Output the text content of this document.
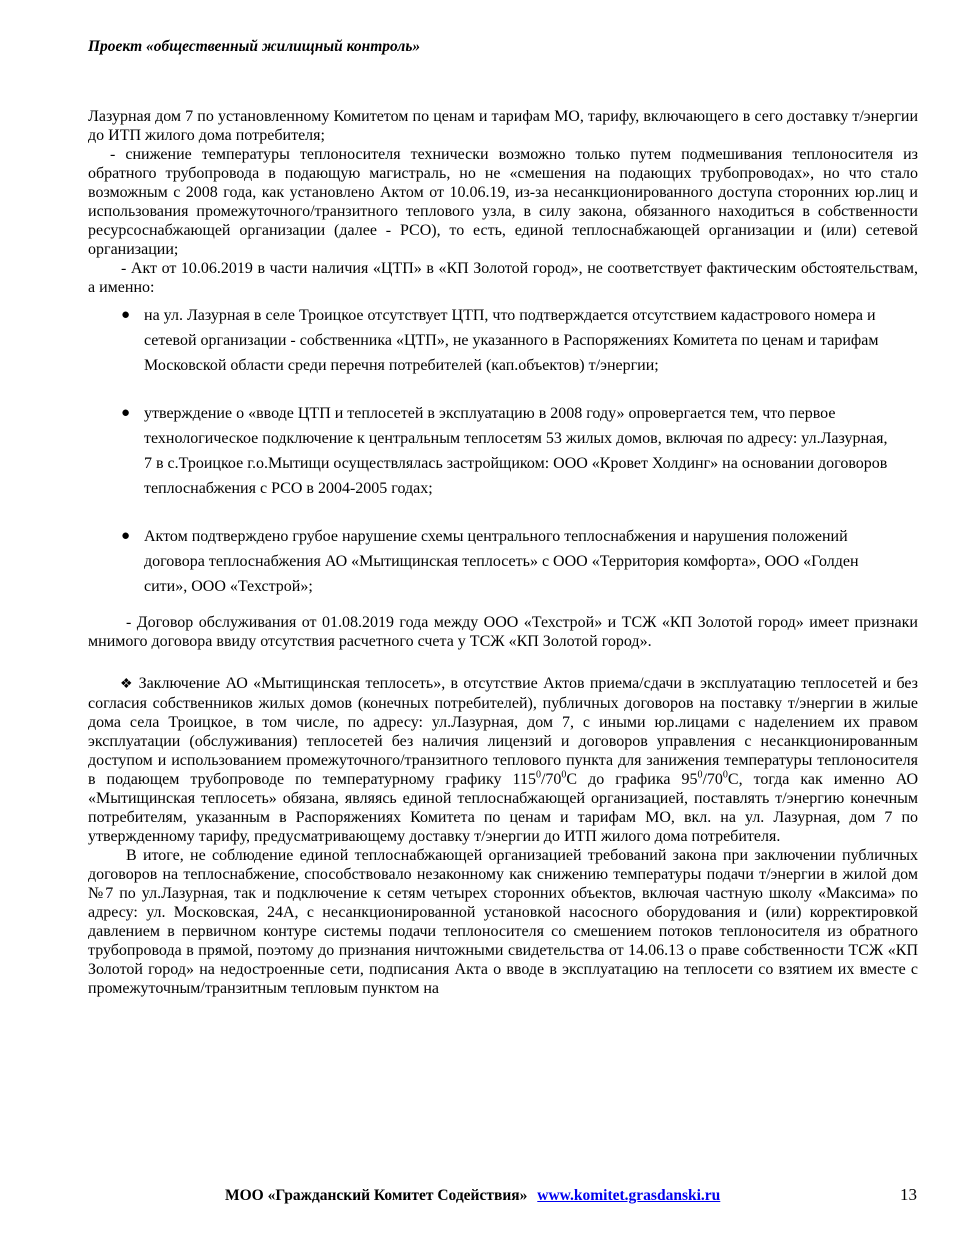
Проект «общественный жилищный контроль»

Лазурная дом 7 по установленному Комитетом по ценам и тарифам МО, тарифу, включающего в сего доставку т/энергии до ИТП жилого дома потребителя;

- снижение температуры теплоносителя технически возможно только путем подмешивания теплоносителя из обратного трубопровода в подающую магистраль, но не «смешения на подающих трубопроводах», но что стало возможным с 2008 года, как установлено Актом от 10.06.19, из-за несанкционированного доступа сторонних юр.лиц и использования промежуточного/транзитного теплового узла, в силу закона, обязанного находиться в собственности ресурсоснабжающей организации (далее - РСО), то есть, единой теплоснабжающей организации и (или) сетевой организации;

- Акт от 10.06.2019 в части наличия «ЦТП» в «КП Золотой город», не соответствует фактическим обстоятельствам, а именно:

● на ул. Лазурная в селе Троицкое отсутствует ЦТП, что подтверждается отсутствием кадастрового номера и сетевой организации - собственника «ЦТП», не указанного в Распоряжениях Комитета по ценам и тарифам Московской области среди перечня потребителей (кап.объектов) т/энергии;
● утверждение о «вводе ЦТП и теплосетей в эксплуатацию в 2008 году» опровергается тем, что первое технологическое подключение к центральным теплосетям 53 жилых домов, включая по адресу: ул.Лазурная, 7 в с.Троицкое г.о.Мытищи осуществлялась застройщиком: ООО «Кровет Холдинг» на основании договоров теплоснабжения с РСО в 2004-2005 годах;
● Актом подтверждено грубое нарушение схемы центрального теплоснабжения и нарушения положений договора теплоснабжения АО «Мытищинская теплосеть» с ООО «Территория комфорта», ООО «Голден сити», ООО «Техстрой»;

- Договор обслуживания от 01.08.2019 года между ООО «Техстрой» и ТСЖ «КП Золотой город» имеет признаки мнимого договора ввиду отсутствия расчетного счета у ТСЖ «КП Золотой город».

❖ Заключение АО «Мытищинская теплосеть», в отсутствие Актов приема/сдачи в эксплуатацию теплосетей и без согласия собственников жилых домов (конечных потребителей), публичных договоров на поставку т/энергии в жилые дома села Троицкое, в том числе, по адресу: ул.Лазурная, дом 7, с иными юр.лицами с наделением их правом эксплуатации (обслуживания) теплосетей без наличия лицензий и договоров управления с несанкционированным доступом и использованием промежуточного/транзитного теплового пункта для занижения температуры теплоносителя в подающем трубопроводе по температурному графику $115^0/70^0С$ до графика $95^0/70^0С$, тогда как именно АО «Мытищинская теплосеть» обязана, являясь единой теплоснабжающей организацией, поставлять т/энергию конечным потребителям, указанным в Распоряжениях Комитета по ценам и тарифам МО, вкл. на ул. Лазурная, дом 7 по утвержденному тарифу, предусматривающему доставку т/энергии до ИТП жилого дома потребителя.

В итоге, не соблюдение единой теплоснабжающей организацией требований закона при заключении публичных договоров на теплоснабжение, способствовало незаконному как снижению температуры подачи т/энергии в жилой дом №7 по ул.Лазурная, так и подключение к сетям четырех сторонних объектов, включая частную школу «Максима» по адресу: ул. Московская, 24А, с несанкционированной установкой насосного оборудования и (или) корректировкой давлением в первичном контуре системы подачи теплоносителя со смешением потоков теплоносителя из обратного трубопровода в прямой, поэтому до признания ничтожными свидетельства от 14.06.13 о праве собственности ТСЖ «КП Золотой город» на недостроенные сети, подписания Акта о вводе в эксплуатацию на теплосети со взятием их вместе с промежуточным/транзитным тепловым пунктом на

МОО «Гражданский Комитет Содействия» www.komitet.grasdanski.ru	13
